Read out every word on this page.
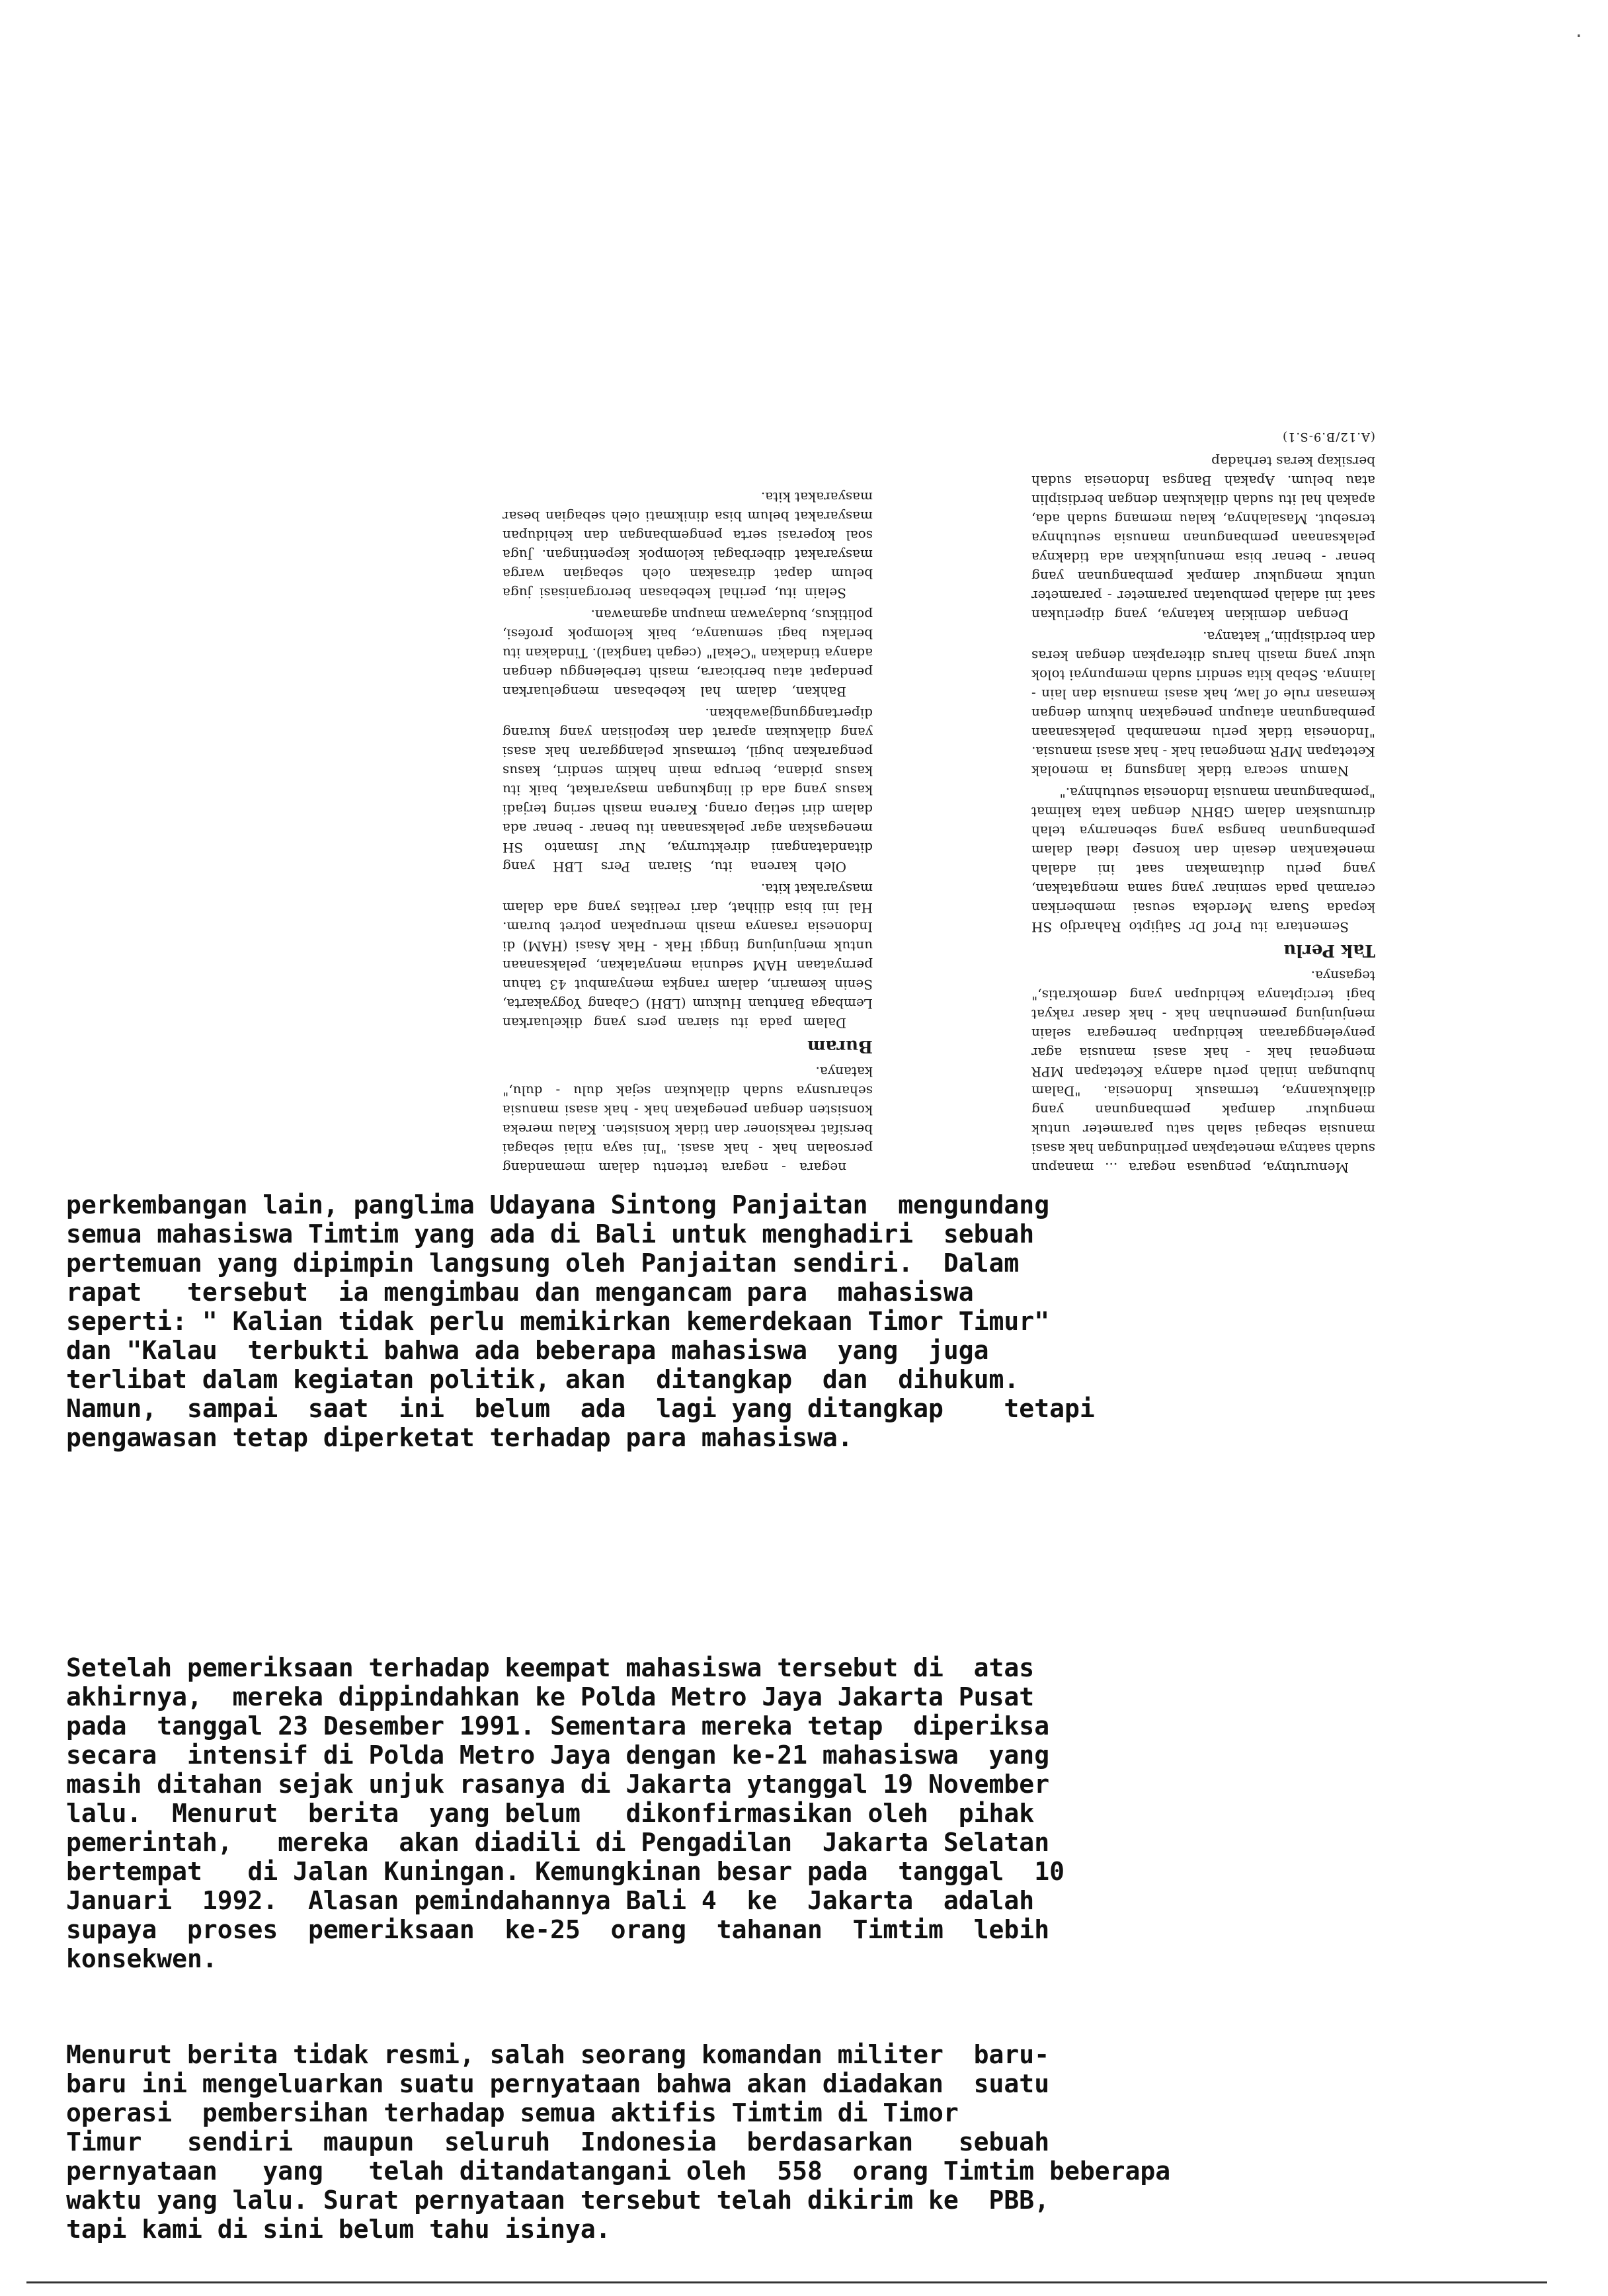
·

Menurutnya, penguasa negara ... manapun sudah saatnya menetapkan perlindungan hak asasi manusia sebagai salah satu parameter untuk mengukur dampak pembangunan yang dilakukannya, termasuk Indonesia. "Dalam hubungan inilah perlu adanya Ketetapan MPR mengenai hak - hak asasi manusia agar penyelenggaraan kehidupan bernegara selain menjunjung pemenuhan hak - hak dasar rakyat bagi terciptanya kehidupan yang demokratis," tegasnya.

Tak Perlu

Sementara itu Prof Dr Satjipto Rahardjo SH kepada Suara Merdeka seusai memberikan ceramah pada seminar yang sama mengatakan, yang perlu diutamakan saat ini adalah menekankan desain dan konsep ideal dalam pembangunan bangsa yang sebenarnya telah dirumuskan dalam GBHN dengan kata kalimat "pembangunan manusia Indonesia seutuhnya."

Namun secara tidak langsung ia menolak Ketetapan MPR mengenai hak - hak asasi manusia. "Indonesia tidak perlu menambah pelaksanaan pembangunan ataupun penegakan hukum dengan kemasan rule of law, hak asasi manusia dan lain - lainnya. Sebab kita sendiri sudah mempunyai tolok ukur yang masih harus diterapkan dengan keras dan berdisiplin," katanya.

Dengan demikian katanya, yang diperlukan saat ini adalah pembuatan parameter - parameter untuk mengukur dampak pembangunan yang benar - benar bisa menunjukkan ada tidaknya pelaksanaan pembangunan manusia seutuhnya tersebut. Masalahnya, kalau memang sudah ada, apakah hal itu sudah dilakukan dengan berdisiplin atau belum. Apakah Bangsa Indonesia sudah bersikap keras terhadap

(A.12/B.9-S.1)

negara - negara tertentu dalam memandang persoalan hak - hak asasi. "Ini saya nilai sebagai bersifat reaksioner dan tidak konsisten. Kalau mereka konsisten dengan penegakan hak - hak asasi manusia seharusnya sudah dilakukan sejak dulu - dulu," katanya.

Buram

Dalam pada itu siaran pers yang dikeluarkan Lembaga Bantuan Hukum (LBH) Cabang Yogyakarta, Senin kemarin, dalam rangka menyambut 43 tahun pernyataan HAM sedunia menyatakan, pelaksanaan untuk menjunjung tinggi Hak - Hak Asasi (HAM) di Indonesia rasanya masih merupakan potret buram. Hal ini bisa dilihat, dari realitas yang ada dalam masyarakat kita.

Oleh karena itu, Siaran Pers LBH yang ditandatangani direkturnya, Nur Ismanto SH menegaskan agar pelaksanaan itu benar - benar ada dalam diri setiap orang. Karena masih sering terjadi kasus yang ada di lingkungan masyarakat, baik itu kasus pidana, berupa main hakim sendiri, kasus pengarakan bugil, termasuk pelanggaran hak asasi yang dilakukan aparat dan kepolisian yang kurang dipertanggungjawabkan.

Bahkan, dalam hal kebebasan mengeluarkan pendapat atau berbicara, masih terbelenggu dengan adanya tindakan "Cekal" (cegah tangkal). Tindakan itu berlaku bagi semuanya, baik kelompok profesi, politikus, budayawan maupun agamawan.

Selain itu, perihal kebebasan berorganisasi juga belum dapat dirasakan oleh sebagian warga masyarakat diberbagai kelompok kepentingan. Juga soal koperasi serta pengembangan dan kehidupan masyarakat belum bisa dinikmati oleh sebagian besar masyarakat kita.

perkembangan lain, panglima Udayana Sintong Panjaitan  mengundang
semua mahasiswa Timtim yang ada di Bali untuk menghadiri  sebuah
pertemuan yang dipimpin langsung oleh Panjaitan sendiri.  Dalam
rapat   tersebut  ia mengimbau dan menganc​am para  mahasiswa
seperti: " Kalian tidak perlu memikirkan kemerdekaan Timor Timur"
dan "Kalau  terbukti bahwa ada beberapa mahasiswa  yang  juga
terlibat dalam kegiatan politik, akan  ditangkap  dan  dihukum.
Namun,  sampai  saat  ini  belum  ada  lagi yang ditangkap    tetapi
pengawasan tetap diperketat terhadap para mahasiswa.
Setelah pemeriksaan terhadap keempat mahasiswa tersebut di  atas
akhirnya,  mereka dippindahkan ke Polda Metro Jaya Jakarta Pusat
pada  tanggal 23 Desember 1991. Sementara mereka tetap  diperiksa
secara  intensif di Polda Metro Jaya dengan ke-21 mahasiswa  yang
masih ditahan sejak unjuk rasanya di Jakarta ytanggal 19 November
lalu.  Menurut  berita  yang belum   dikonfirmasikan oleh  pihak
pemerintah,   mereka  akan diadili di Pengadilan  Jakarta Selatan
bertempat   di Jalan Kuningan. Kemungkinan besar pada  tanggal  10
Januari  1992.  Alasan pemindahannya Bali 4  ke  Jakarta  adalah
supaya  proses  pemeriksaan  ke-25  orang  tahanan  Timtim  lebih
konsekwen.
Menurut berita tidak resmi, salah seorang komandan militer  baru-
baru ini mengeluarkan suatu pernyataan bahwa akan diadakan  suatu
operasi  pembersihan terhadap semua aktifis Timtim di Timor
Timur   sendiri  maupun  seluruh  Indonesia  berdasarkan   sebuah
pernyataan   yang   telah ditandatangani oleh  558  orang Timtim beberapa
waktu yang lalu. Surat pernyataan tersebut telah dikirim ke  PBB,
tapi kami di sini belum tahu isinya.
